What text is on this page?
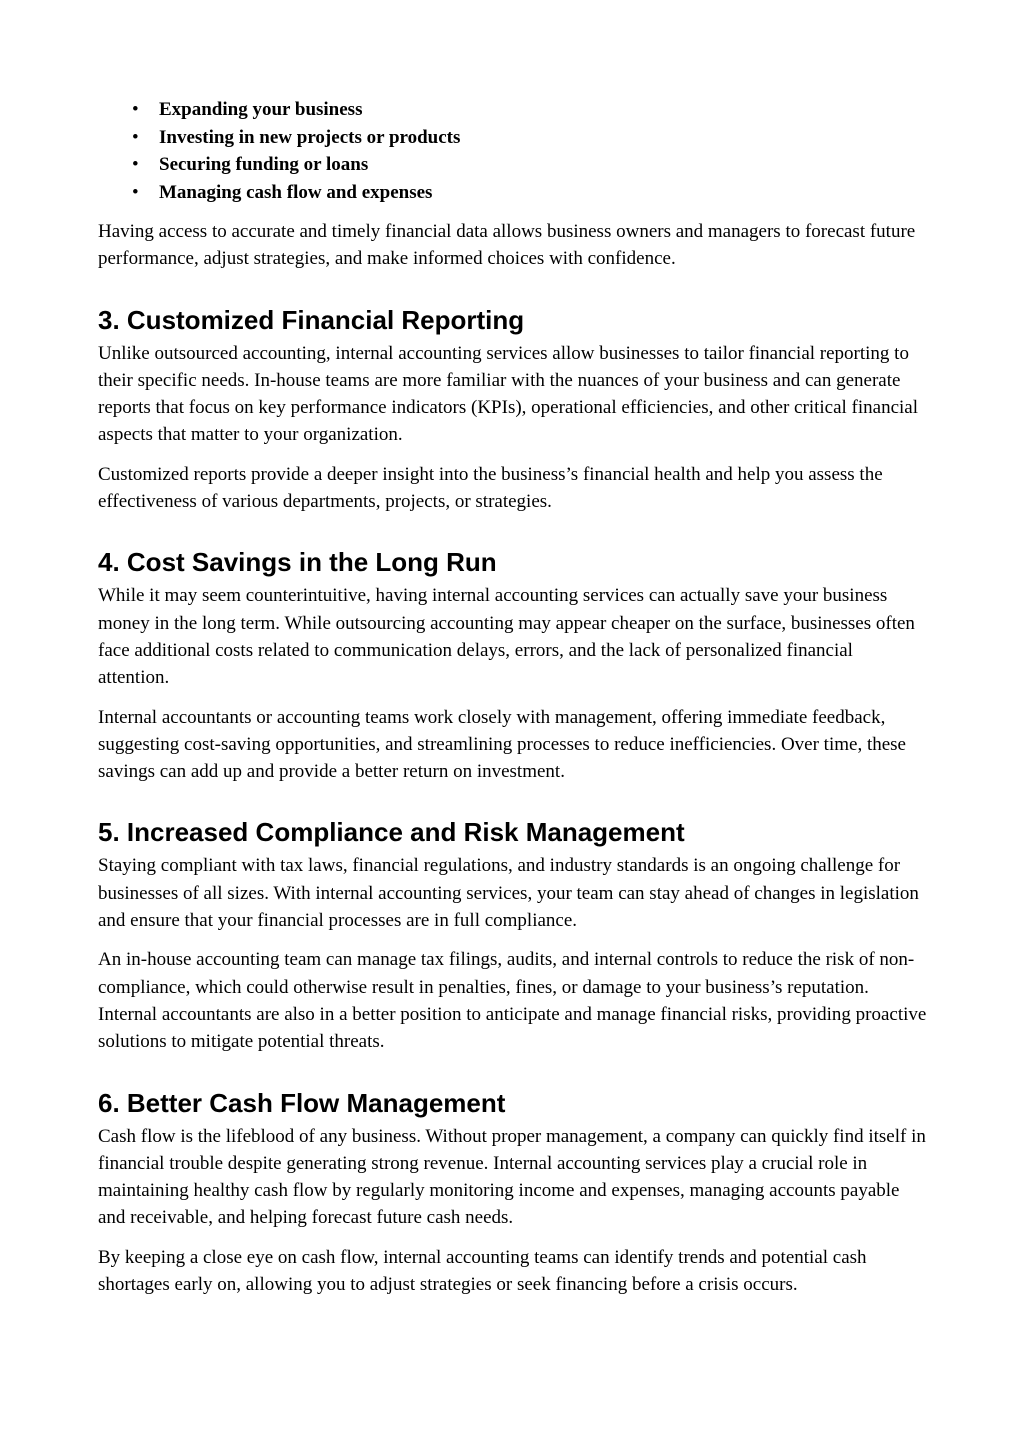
• Expanding your business
• Investing in new projects or products
• Securing funding or loans
• Managing cash flow and expenses

Having access to accurate and timely financial data allows business owners and managers to forecast future performance, adjust strategies, and make informed choices with confidence.

3. Customized Financial Reporting

Unlike outsourced accounting, internal accounting services allow businesses to tailor financial reporting to their specific needs. In-house teams are more familiar with the nuances of your business and can generate reports that focus on key performance indicators (KPIs), operational efficiencies, and other critical financial aspects that matter to your organization.

Customized reports provide a deeper insight into the business’s financial health and help you assess the effectiveness of various departments, projects, or strategies.

4. Cost Savings in the Long Run

While it may seem counterintuitive, having internal accounting services can actually save your business money in the long term. While outsourcing accounting may appear cheaper on the surface, businesses often face additional costs related to communication delays, errors, and the lack of personalized financial attention.

Internal accountants or accounting teams work closely with management, offering immediate feedback, suggesting cost-saving opportunities, and streamlining processes to reduce inefficiencies. Over time, these savings can add up and provide a better return on investment.

5. Increased Compliance and Risk Management

Staying compliant with tax laws, financial regulations, and industry standards is an ongoing challenge for businesses of all sizes. With internal accounting services, your team can stay ahead of changes in legislation and ensure that your financial processes are in full compliance.

An in-house accounting team can manage tax filings, audits, and internal controls to reduce the risk of non-compliance, which could otherwise result in penalties, fines, or damage to your business’s reputation. Internal accountants are also in a better position to anticipate and manage financial risks, providing proactive solutions to mitigate potential threats.

6. Better Cash Flow Management

Cash flow is the lifeblood of any business. Without proper management, a company can quickly find itself in financial trouble despite generating strong revenue. Internal accounting services play a crucial role in maintaining healthy cash flow by regularly monitoring income and expenses, managing accounts payable and receivable, and helping forecast future cash needs.

By keeping a close eye on cash flow, internal accounting teams can identify trends and potential cash shortages early on, allowing you to adjust strategies or seek financing before a crisis occurs.
